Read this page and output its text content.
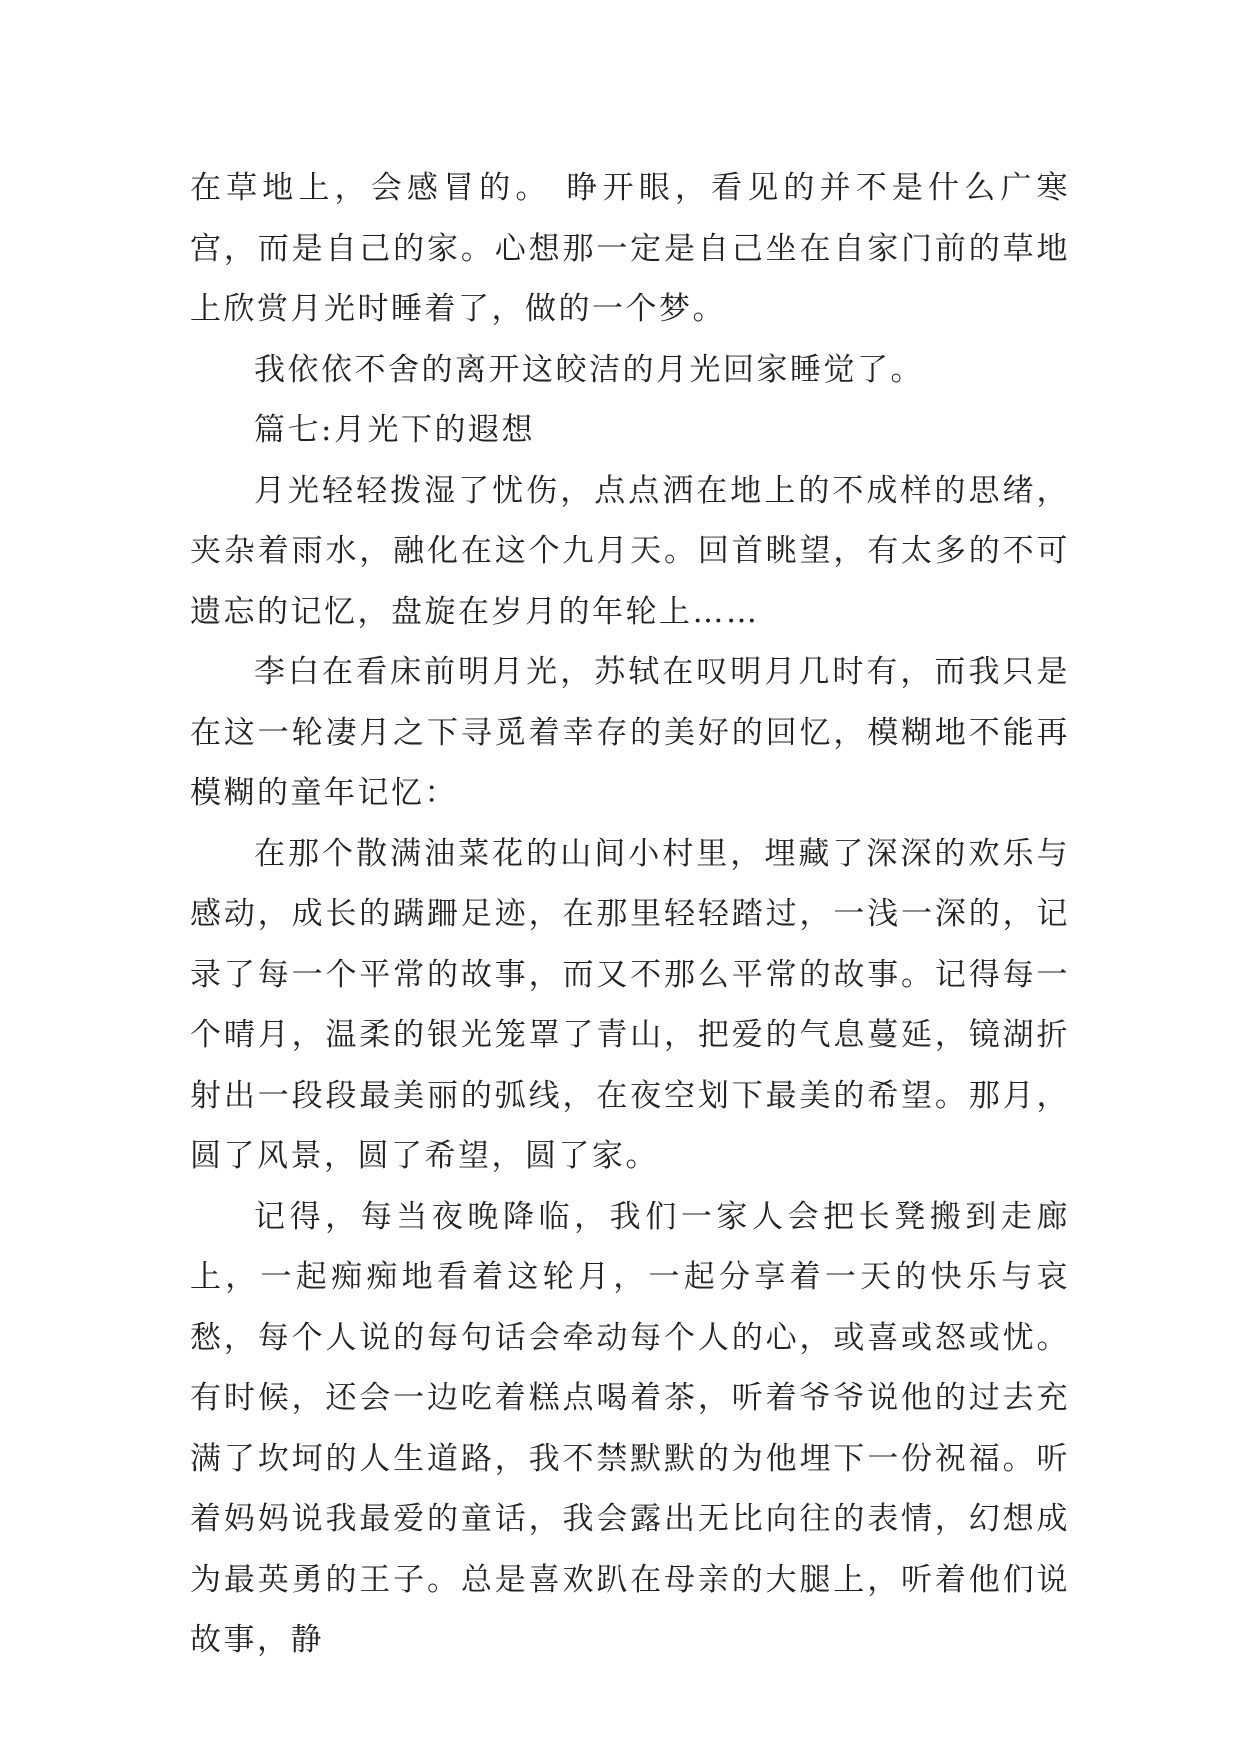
在草地上，会感冒的。 睁开眼，看见的并不是什么广寒宫，而是自己的家。心想那一定是自己坐在自家门前的草地上欣赏月光时睡着了，做的一个梦。

我依依不舍的离开这皎洁的月光回家睡觉了。

篇七:月光下的遐想

月光轻轻拨湿了忧伤，点点洒在地上的不成样的思绪，夹杂着雨水，融化在这个九月天。回首眺望，有太多的不可遗忘的记忆，盘旋在岁月的年轮上……

李白在看床前明月光，苏轼在叹明月几时有，而我只是在这一轮凄月之下寻觅着幸存的美好的回忆，模糊地不能再模糊的童年记忆：

在那个散满油菜花的山间小村里，埋藏了深深的欢乐与感动，成长的蹒跚足迹，在那里轻轻踏过，一浅一深的，记录了每一个平常的故事，而又不那么平常的故事。记得每一个晴月，温柔的银光笼罩了青山，把爱的气息蔓延，镜湖折射出一段段最美丽的弧线，在夜空划下最美的希望。那月，圆了风景，圆了希望，圆了家。

记得，每当夜晚降临，我们一家人会把长凳搬到走廊上，一起痴痴地看着这轮月，一起分享着一天的快乐与哀愁，每个人说的每句话会牵动每个人的心，或喜或怒或忧。有时候，还会一边吃着糕点喝着茶，听着爷爷说他的过去充满了坎坷的人生道路，我不禁默默的为他埋下一份祝福。听着妈妈说我最爱的童话，我会露出无比向往的表情，幻想成为最英勇的王子。总是喜欢趴在母亲的大腿上，听着他们说故事，静
